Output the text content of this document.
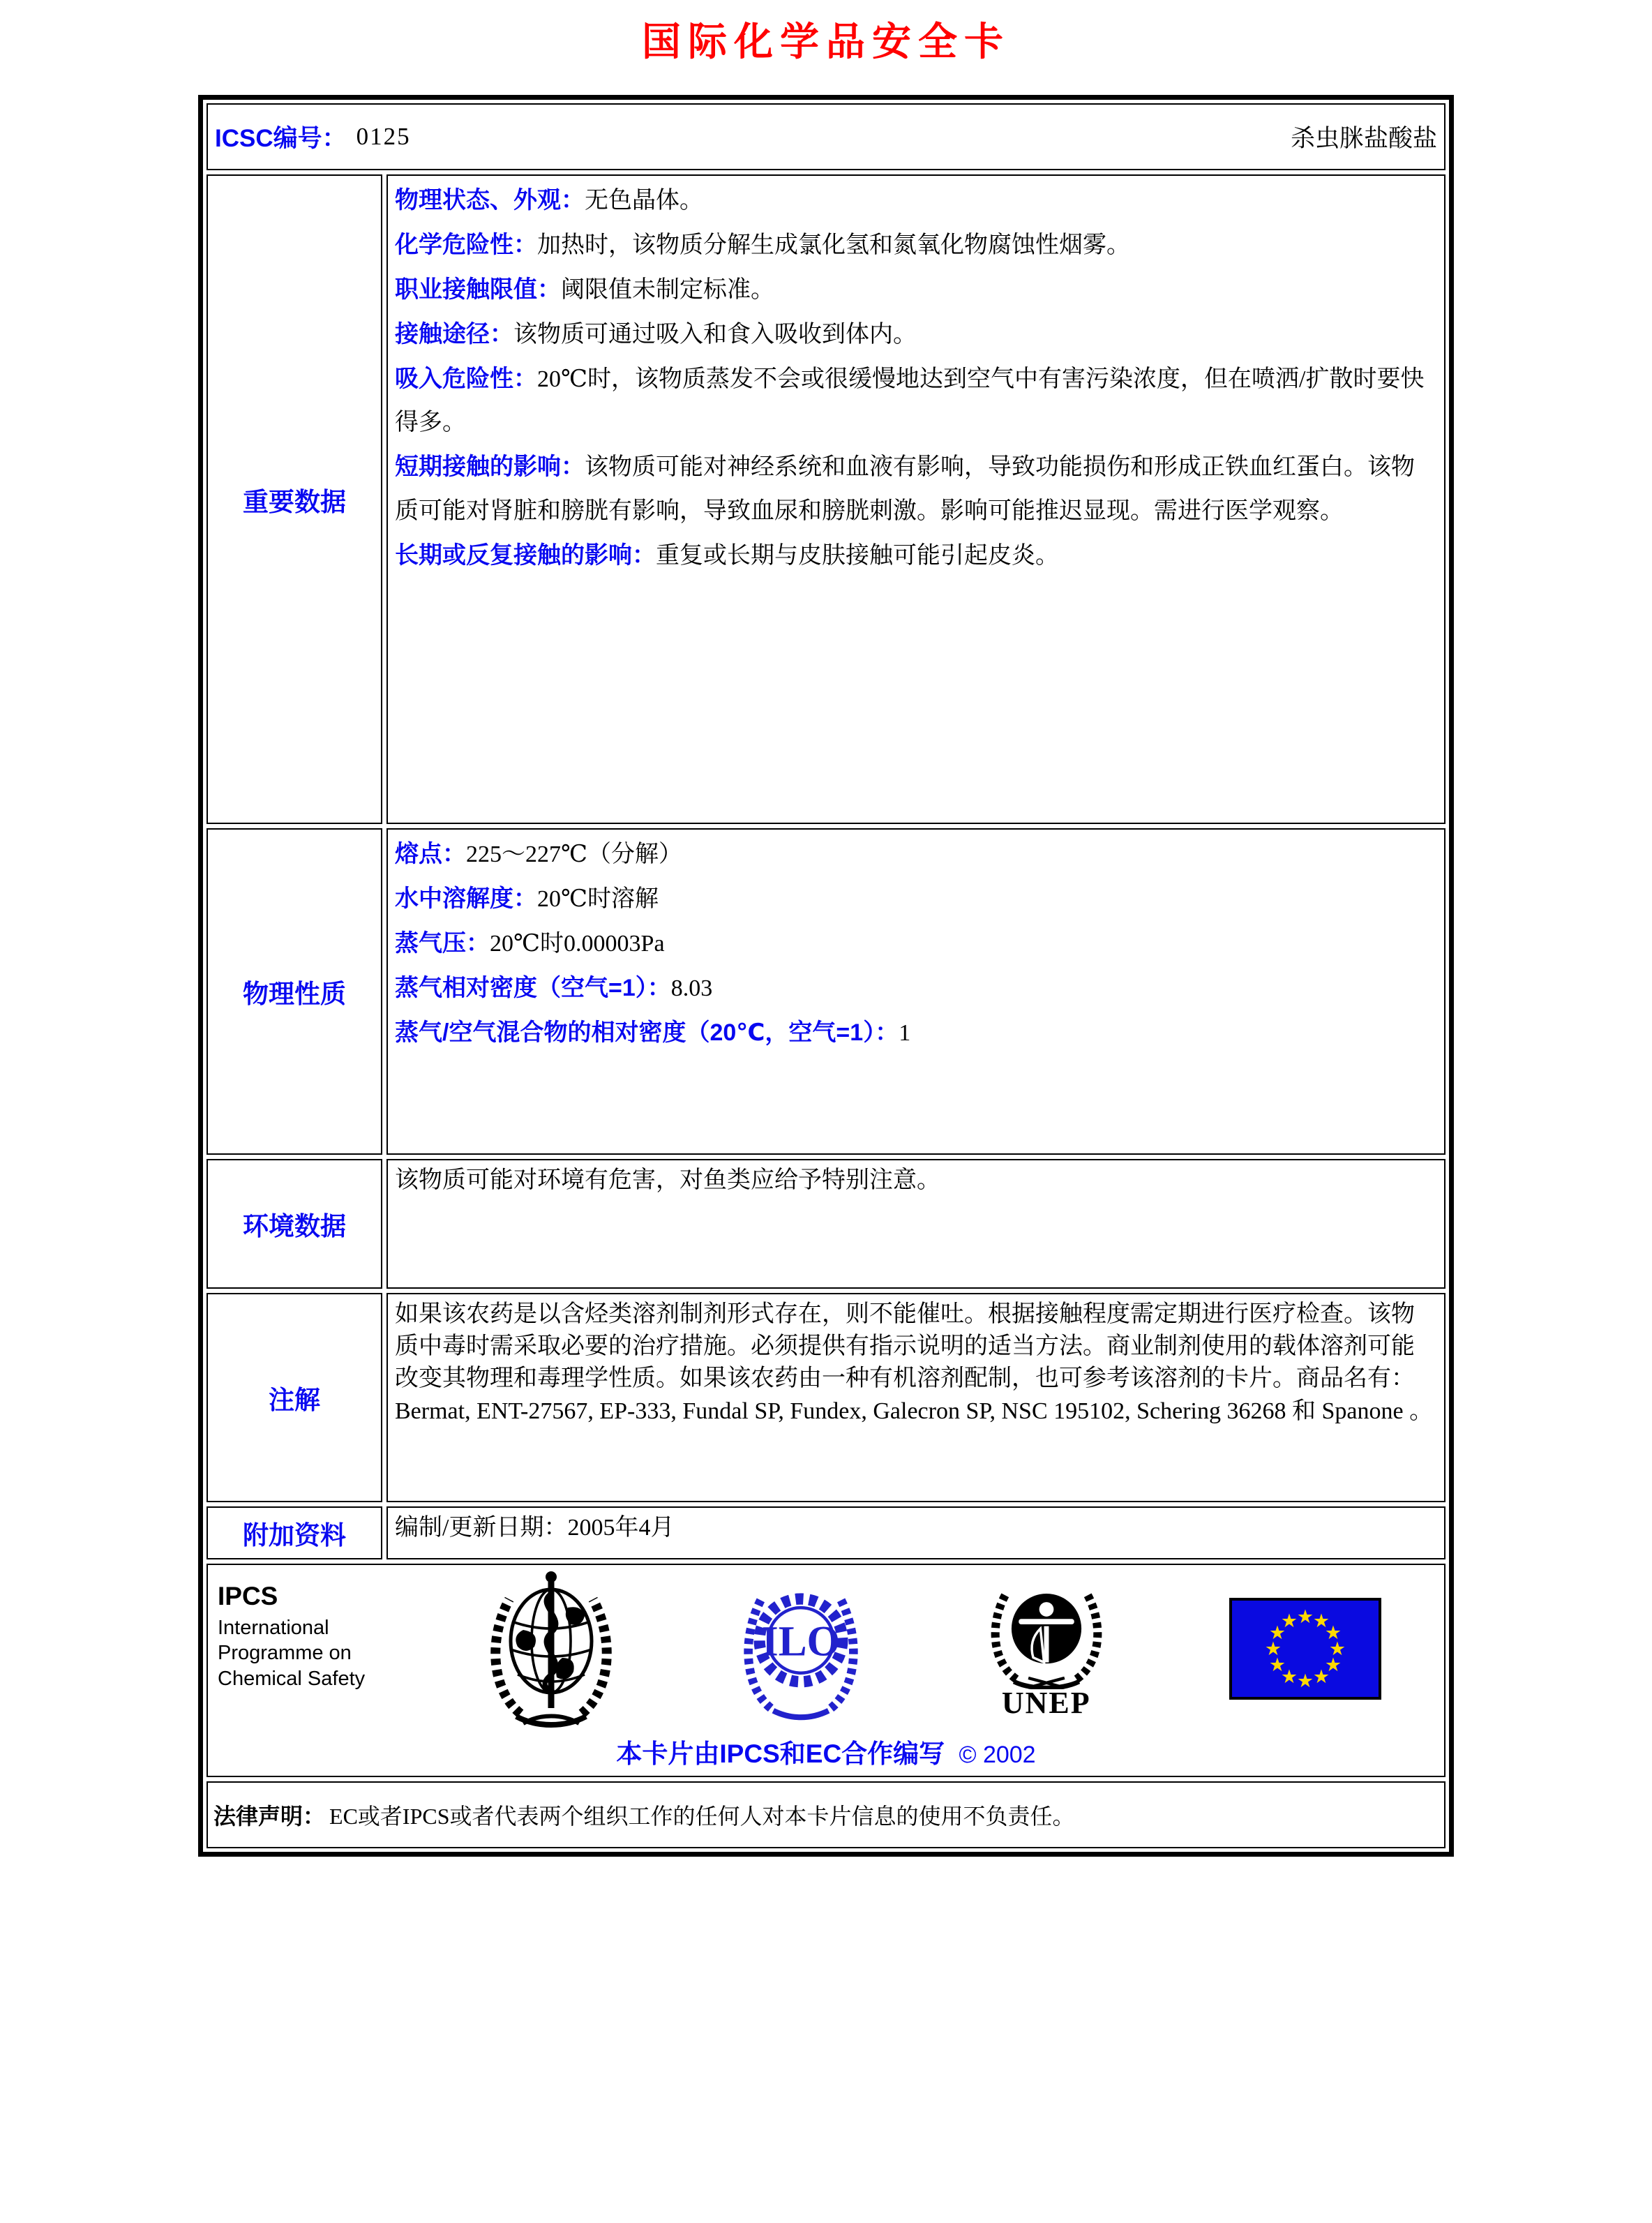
国际化学品安全卡
ICSC编号： 0125	杀虫脒盐酸盐
重要数据

物理状态、外观：无色晶体。

化学危险性：加热时，该物质分解生成氯化氢和氮氧化物腐蚀性烟雾。

职业接触限值：阈限值未制定标准。

接触途径：该物质可通过吸入和食入吸收到体内。

吸入危险性：20℃时，该物质蒸发不会或很缓慢地达到空气中有害污染浓度，但在喷洒/扩散时要快得多。

短期接触的影响：该物质可能对神经系统和血液有影响，导致功能损伤和形成正铁血红蛋白。该物质可能对肾脏和膀胱有影响，导致血尿和膀胱刺激。影响可能推迟显现。需进行医学观察。

长期或反复接触的影响：重复或长期与皮肤接触可能引起皮炎。

物理性质

熔点：225～227℃（分解）

水中溶解度：20℃时溶解

蒸气压：20℃时0.00003Pa

蒸气相对密度（空气=1）：8.03

蒸气/空气混合物的相对密度（20℃，空气=1）：1

环境数据

该物质可能对环境有危害，对鱼类应给予特别注意。

注解

如果该农药是以含烃类溶剂制剂形式存在，则不能催吐。根据接触程度需定期进行医疗检查。该物质中毒时需采取必要的治疗措施。必须提供有指示说明的适当方法。商业制剂使用的载体溶剂可能改变其物理和毒理学性质。如果该农药由一种有机溶剂配制，也可参考该溶剂的卡片。商品名有： Bermat, ENT-27567, EP-333, Fundal SP, Fundex, Galecron SP, NSC 195102, Schering 36268 和 Spanone 。

附加资料 编制/更新日期：2005年4月

IPCS
International
Programme on
Chemical Safety
ILO
UNEP
★
★
★
★
★
★
★
★
★
★
★
★
本卡片由IPCS和EC合作编写 © 2002
法律声明： EC或者IPCS或者代表两个组织工作的任何人对本卡片信息的使用不负责任。
